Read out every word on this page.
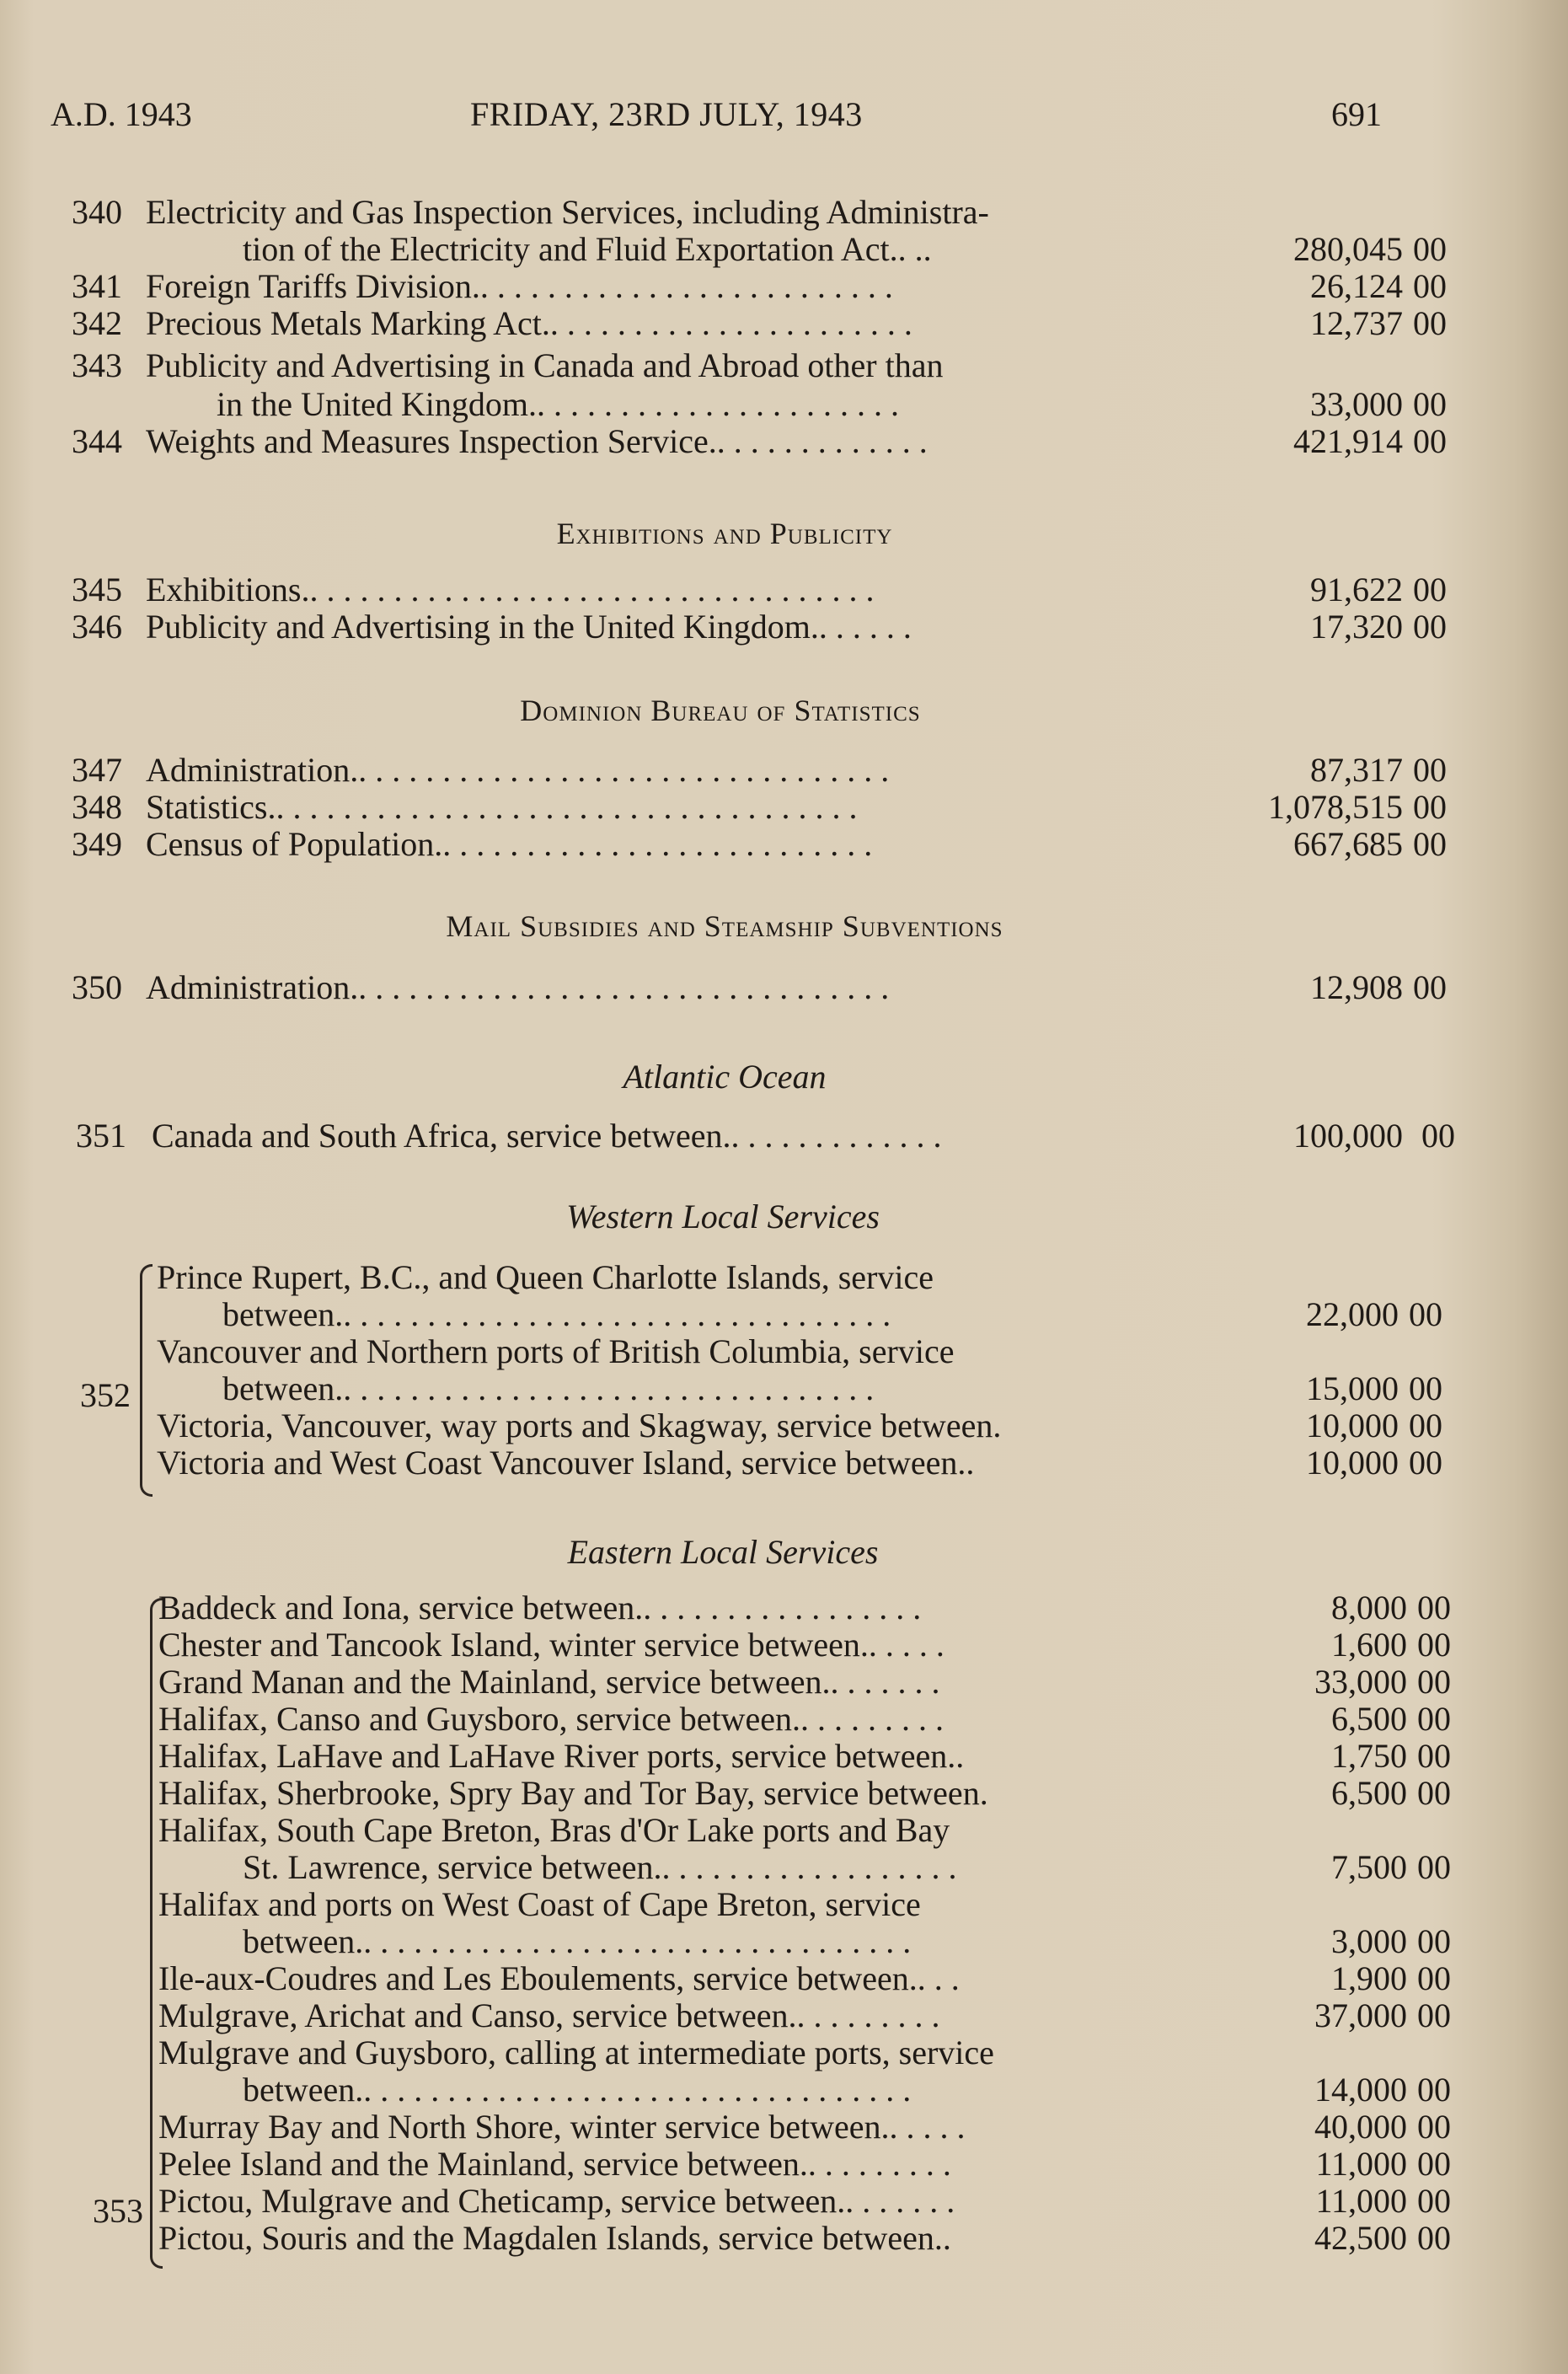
A.D. 1943	FRIDAY, 23RD JULY, 1943	691
340 Electricity and Gas Inspection Services, including Administra-
tion of the Electricity and Fluid Exportation Act.. ..	280,045 00
341 Foreign Tariffs Division.. . . . . . . . . . . . . . . . . . . . . . . . .	26,124 00
342 Precious Metals Marking Act.. . . . . . . . . . . . . . . . . . . . . .	12,737 00
343 Publicity and Advertising in Canada and Abroad other than
in the United Kingdom.. . . . . . . . . . . . . . . . . . . . . .	33,000 00
344 Weights and Measures Inspection Service.. . . . . . . . . . . . .	421,914 00
Exhibitions and Publicity
345 Exhibitions.. . . . . . . . . . . . . . . . . . . . . . . . . . . . . . . . . .	91,622 00
346 Publicity and Advertising in the United Kingdom.. . . . . .	17,320 00
Dominion Bureau of Statistics
347 Administration.. . . . . . . . . . . . . . . . . . . . . . . . . . . . . . . .	87,317 00
348 Statistics.. . . . . . . . . . . . . . . . . . . . . . . . . . . . . . . . . . .	1,078,515 00
349 Census of Population.. . . . . . . . . . . . . . . . . . . . . . . . . .	667,685 00
Mail Subsidies and Steamship Subventions
350 Administration.. . . . . . . . . . . . . . . . . . . . . . . . . . . . . . . .	12,908 00
Atlantic Ocean
351 Canada and South Africa, service between.. . . . . . . . . . . . .	100,000 00
Western Local Services
352
Prince Rupert, B.C., and Queen Charlotte Islands, service
between.. . . . . . . . . . . . . . . . . . . . . . . . . . . . . . . . .	22,000 00
Vancouver and Northern ports of British Columbia, service
between.. . . . . . . . . . . . . . . . . . . . . . . . . . . . . . . .	15,000 00
Victoria, Vancouver, way ports and Skagway, service between.	10,000 00
Victoria and West Coast Vancouver Island, service between..	10,000 00
Eastern Local Services
353
Baddeck and Iona, service between.. . . . . . . . . . . . . . . . .	8,000 00
Chester and Tancook Island, winter service between.. . . . .	1,600 00
Grand Manan and the Mainland, service between.. . . . . . .	33,000 00
Halifax, Canso and Guysboro, service between.. . . . . . . . .	6,500 00
Halifax, LaHave and LaHave River ports, service between..	1,750 00
Halifax, Sherbrooke, Spry Bay and Tor Bay, service between.	6,500 00
Halifax, South Cape Breton, Bras d'Or Lake ports and Bay
St. Lawrence, service between.. . . . . . . . . . . . . . . . . .	7,500 00
Halifax and ports on West Coast of Cape Breton, service
between.. . . . . . . . . . . . . . . . . . . . . . . . . . . . . . . . .	3,000 00
Ile-aux-Coudres and Les Eboulements, service between.. . .	1,900 00
Mulgrave, Arichat and Canso, service between.. . . . . . . . .	37,000 00
Mulgrave and Guysboro, calling at intermediate ports, service
between.. . . . . . . . . . . . . . . . . . . . . . . . . . . . . . . . .	14,000 00
Murray Bay and North Shore, winter service between.. . . . .	40,000 00
Pelee Island and the Mainland, service between.. . . . . . . . .	11,000 00
Pictou, Mulgrave and Cheticamp, service between.. . . . . . .	11,000 00
Pictou, Souris and the Magdalen Islands, service between..	42,500 00
